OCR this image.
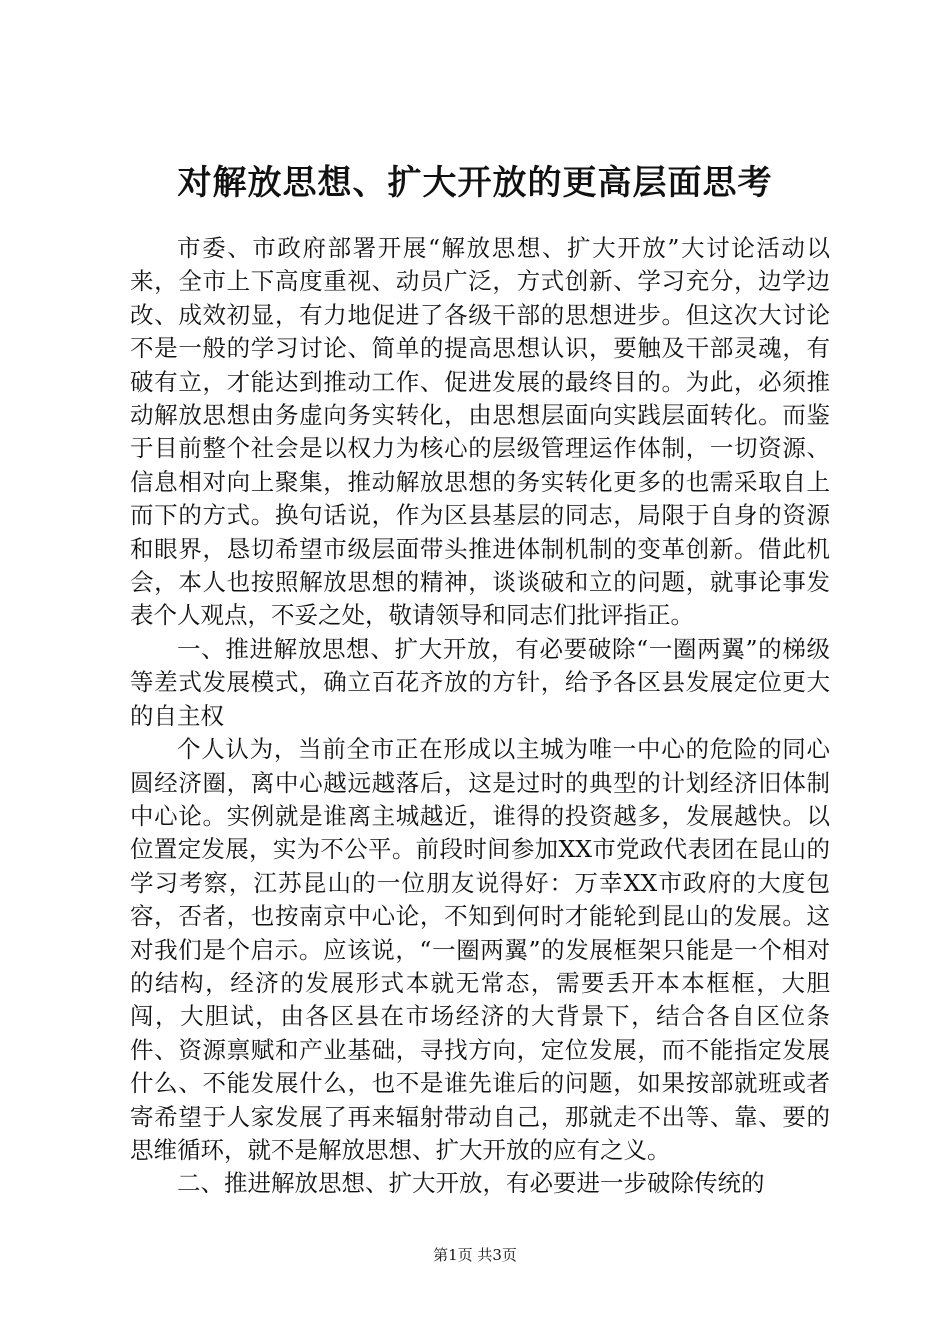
对解放思想、扩大开放的更高层面思考

市委、市政府部署开展“解放思想、扩大开放”大讨论活动以来，全市上下高度重视、动员广泛，方式创新、学习充分，边学边改、成效初显，有力地促进了各级干部的思想进步。但这次大讨论不是一般的学习讨论、简单的提高思想认识，要触及干部灵魂，有破有立，才能达到推动工作、促进发展的最终目的。为此，必须推动解放思想由务虚向务实转化，由思想层面向实践层面转化。而鉴于目前整个社会是以权力为核心的层级管理运作体制，一切资源、信息相对向上聚集，推动解放思想的务实转化更多的也需采取自上而下的方式。换句话说，作为区县基层的同志，局限于自身的资源和眼界，恳切希望市级层面带头推进体制机制的变革创新。借此机会，本人也按照解放思想的精神，谈谈破和立的问题，就事论事发表个人观点，不妥之处，敬请领导和同志们批评指正。

一、推进解放思想、扩大开放，有必要破除“一圈两翼”的梯级等差式发展模式，确立百花齐放的方针，给予各区县发展定位更大的自主权

个人认为，当前全市正在形成以主城为唯一中心的危险的同心圆经济圈，离中心越远越落后，这是过时的典型的计划经济旧体制中心论。实例就是谁离主城越近，谁得的投资越多，发展越快。以位置定发展，实为不公平。前段时间参加XX市党政代表团在昆山的学习考察，江苏昆山的一位朋友说得好：万幸XX市政府的大度包容，否者，也按南京中心论，不知到何时才能轮到昆山的发展。这对我们是个启示。应该说，“一圈两翼”的发展框架只能是一个相对的结构，经济的发展形式本就无常态，需要丢开本本框框，大胆闯，大胆试，由各区县在市场经济的大背景下，结合各自区位条件、资源禀赋和产业基础，寻找方向，定位发展，而不能指定发展什么、不能发展什么，也不是谁先谁后的问题，如果按部就班或者寄希望于人家发展了再来辐射带动自己，那就走不出等、靠、要的思维循环，就不是解放思想、扩大开放的应有之义。

二、推进解放思想、扩大开放，有必要进一步破除传统的

第1页 共3页
